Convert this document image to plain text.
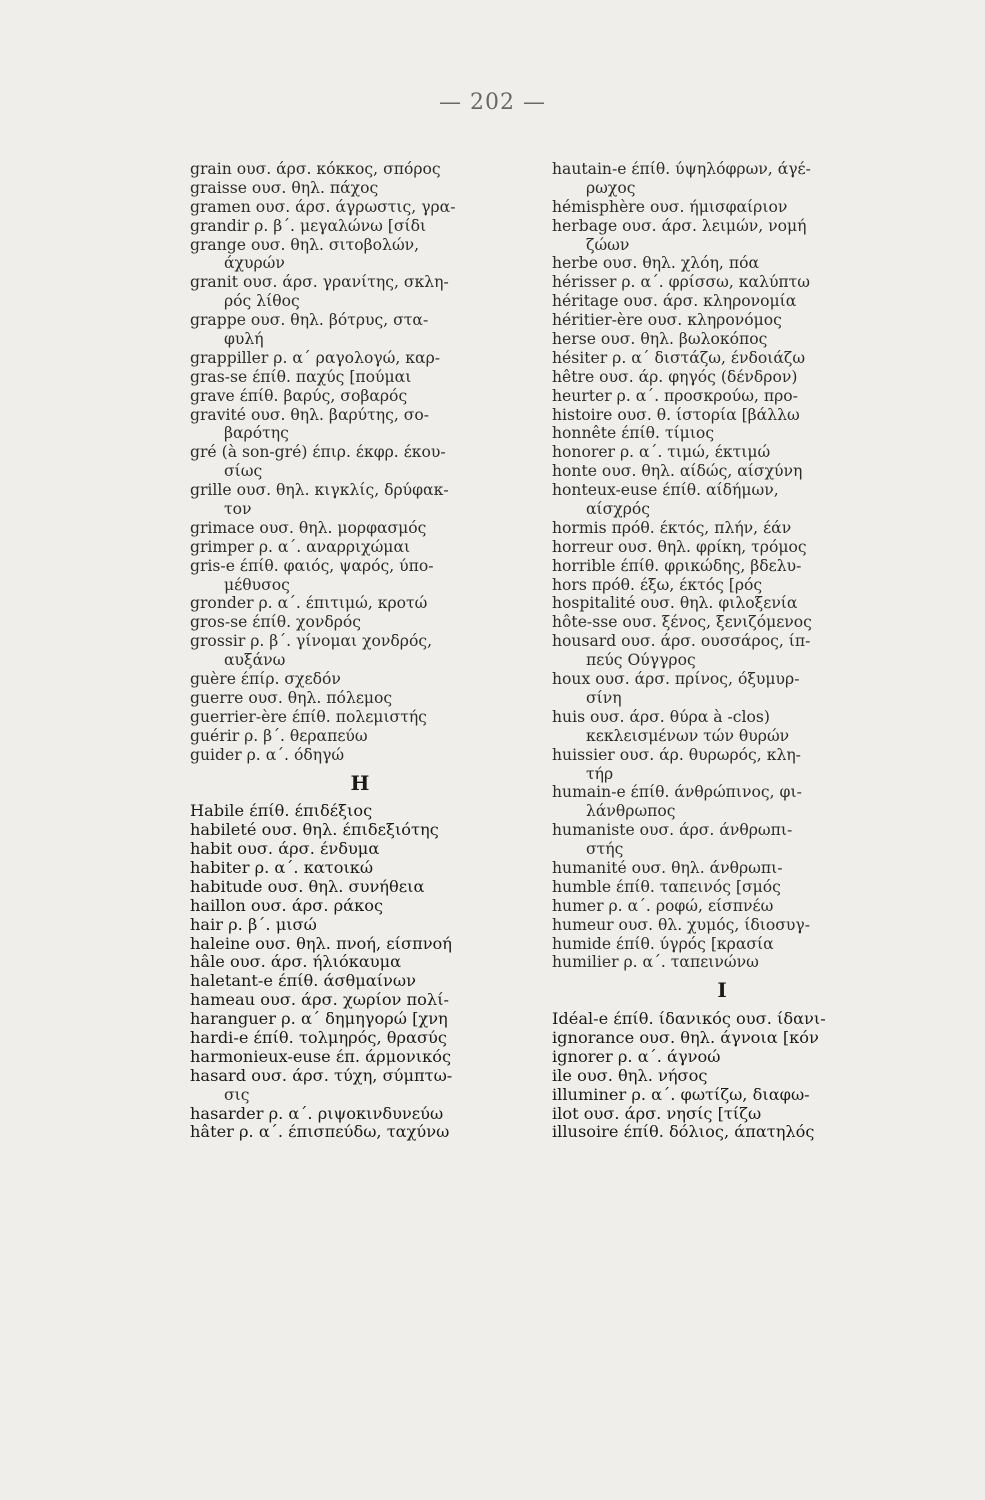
— 202 —
grain ουσ. άρσ. κόκκος, σπόρος
graisse ουσ. θηλ. πάχος
gramen ουσ. άρσ. άγρωστις, γρα-
grandir ρ. β΄. μεγαλώνω [σίδι
grange ουσ. θηλ. σιτοβολών,
άχυρών
granit ουσ. άρσ. γρανίτης, σκλη-
ρός λίθος
grappe ουσ. θηλ. βότρυς, στα-
φυλή
grappiller ρ. α΄ ραγολογώ, καρ-
gras-se έπίθ. παχύς [πούμαι
grave έπίθ. βαρύς, σοβαρός
gravité ουσ. θηλ. βαρύτης, σο-
βαρότης
gré (à son-gré) έπιρ. έκφρ. έκου-
σίως
grille ουσ. θηλ. κιγκλίς, δρύφακ-
τον
grimace ουσ. θηλ. μορφασμός
grimper ρ. α΄. αναρριχώμαι
gris-e έπίθ. φαιός, ψαρός, ύπο-
μέθυσος
gronder ρ. α΄. έπιτιμώ, κροτώ
gros-se έπίθ. χονδρός
grossir ρ. β΄. γίνομαι χονδρός,
αυξάνω
guère έπίρ. σχεδόν
guerre ουσ. θηλ. πόλεμος
guerrier-ère έπίθ. πολεμιστής
guérir ρ. β΄. θεραπεύω
guider ρ. α΄. όδηγώ
H
Habile έπίθ. έπιδέξιος
habileté ουσ. θηλ. έπιδεξιότης
habit ουσ. άρσ. ένδυμα
habiter ρ. α΄. κατοικώ
habitude ουσ. θηλ. συνήθεια
haillon ουσ. άρσ. ράκος
hair ρ. β΄. μισώ
haleine ουσ. θηλ. πνοή, είσπνοή
hâle ουσ. άρσ. ήλιόκαυμα
haletant-e έπίθ. άσθμαίνων
hameau ουσ. άρσ. χωρίον πολί-
haranguer ρ. α΄ δημηγορώ [χνη
hardi-e έπίθ. τολμηρός, θρασύς
harmonieux-euse έπ. άρμονικός
hasard ουσ. άρσ. τύχη, σύμπτω-
σις
hasarder ρ. α΄. ριψοκινδυνεύω
hâter ρ. α΄. έπισπεύδω, ταχύνω
hautain-e έπίθ. ύψηλόφρων, άγέ-
ρωχος
hémisphère ουσ. ήμισφαίριον
herbage ουσ. άρσ. λειμών, νομή
ζώων
herbe ουσ. θηλ. χλόη, πόα
hérisser ρ. α΄. φρίσσω, καλύπτω
héritage ουσ. άρσ. κληρονομία
héritier-ère ουσ. κληρονόμος
herse ουσ. θηλ. βωλοκόπος
hésiter ρ. α΄ διστάζω, ένδοιάζω
hêtre ουσ. άρ. φηγός (δένδρον)
heurter ρ. α΄. προσκρούω, προ-
histoire ουσ. θ. ίστορία [βάλλω
honnête έπίθ. τίμιος
honorer ρ. α΄. τιμώ, έκτιμώ
honte ουσ. θηλ. αίδώς, αίσχύνη
honteux-euse έπίθ. αίδήμων,
αίσχρός
hormis πρόθ. έκτός, πλήν, έάν
horreur ουσ. θηλ. φρίκη, τρόμος
horrible έπίθ. φρικώδης, βδελυ-
hors πρόθ. έξω, έκτός [ρός
hospitalité ουσ. θηλ. φιλοξενία
hôte-sse ουσ. ξένος, ξενιζόμενος
housard ουσ. άρσ. ουσσάρος, ίπ-
πεύς Ούγγρος
houx ουσ. άρσ. πρίνος, όξυμυρ-
σίνη
huis ουσ. άρσ. θύρα à -clos)
κεκλεισμένων τών θυρών
huissier ουσ. άρ. θυρωρός, κλη-
τήρ
humain-e έπίθ. άνθρώπινος, φι-
λάνθρωπος
humaniste ουσ. άρσ. άνθρωπι-
στής
humanité ουσ. θηλ. άνθρωπι-
humble έπίθ. ταπεινός [σμός
humer ρ. α΄. ροφώ, είσπνέω
humeur ουσ. θλ. χυμός, ίδιοσυγ-
humide έπίθ. ύγρός [κρασία
humilier ρ. α΄. ταπεινώνω
I
Idéal-e έπίθ. ίδανικός ουσ. ίδανι-
ignorance ουσ. θηλ. άγνοια [κόν
ignorer ρ. α΄. άγνοώ
ile ουσ. θηλ. νήσος
illuminer ρ. α΄. φωτίζω, διαφω-
ilot ουσ. άρσ. νησίς [τίζω
illusoire έπίθ. δόλιος, άπατηλός
